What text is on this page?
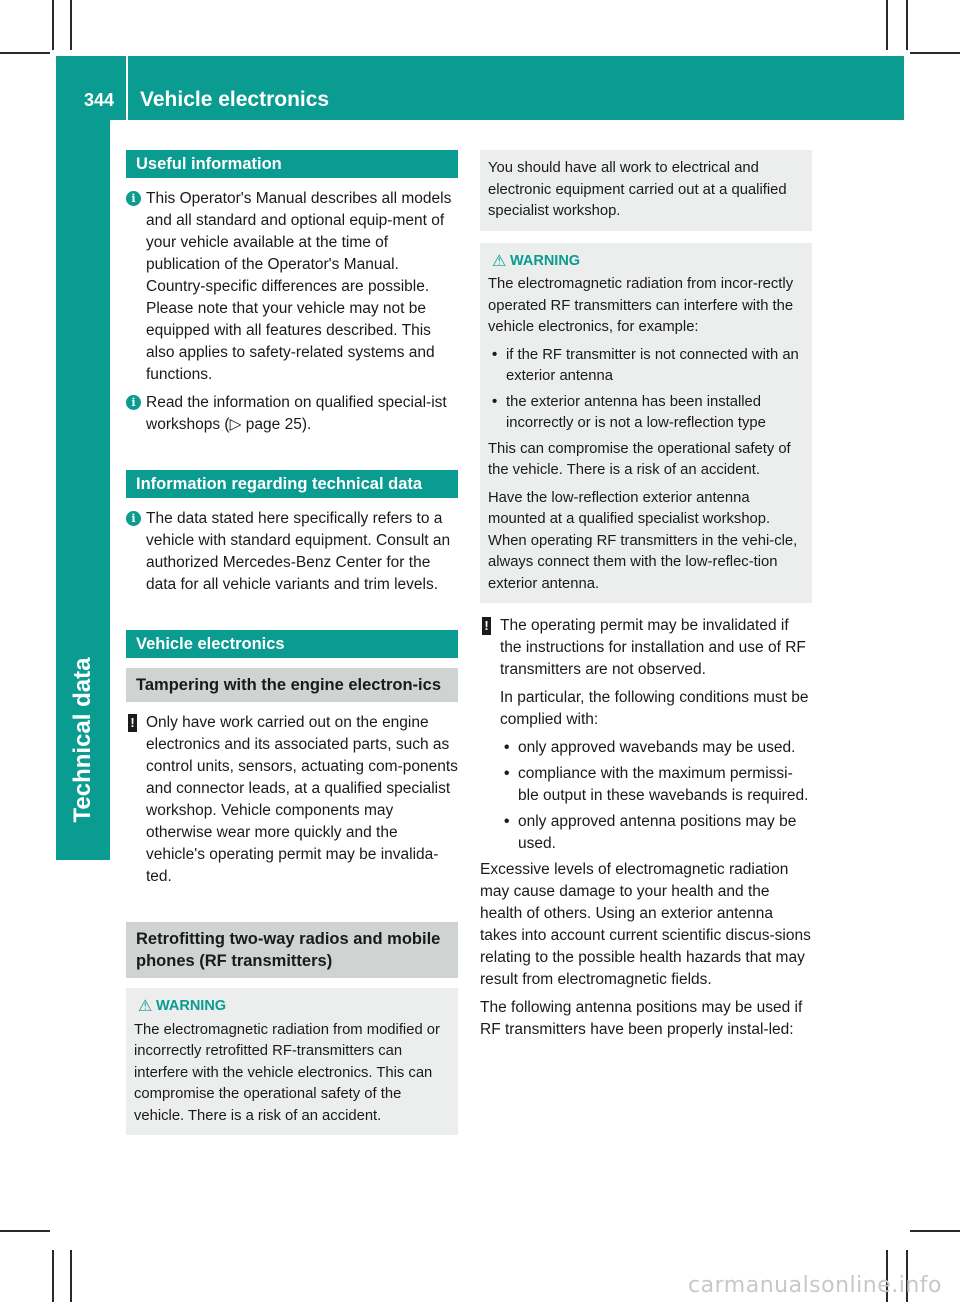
344 Vehicle electronics
Technical data
Useful information
i This Operator's Manual describes all models and all standard and optional equip-ment of your vehicle available at the time of publication of the Operator's Manual. Country-specific differences are possible. Please note that your vehicle may not be equipped with all features described. This also applies to safety-related systems and functions.
i Read the information on qualified special-ist workshops (▷ page 25).
Information regarding technical data
i The data stated here specifically refers to a vehicle with standard equipment. Consult an authorized Mercedes-Benz Center for the data for all vehicle variants and trim levels.
Vehicle electronics
Tampering with the engine electron-ics
! Only have work carried out on the engine electronics and its associated parts, such as control units, sensors, actuating com-ponents and connector leads, at a qualified specialist workshop. Vehicle components may otherwise wear more quickly and the vehicle's operating permit may be invalida-ted.
Retrofitting two-way radios and mobile phones (RF transmitters)
⚠ WARNING
The electromagnetic radiation from modified or incorrectly retrofitted RF-transmitters can interfere with the vehicle electronics. This can compromise the operational safety of the vehicle. There is a risk of an accident.
You should have all work to electrical and electronic equipment carried out at a qualified specialist workshop.
⚠ WARNING
The electromagnetic radiation from incor-rectly operated RF transmitters can interfere with the vehicle electronics, for example:
• if the RF transmitter is not connected with an exterior antenna
• the exterior antenna has been installed incorrectly or is not a low-reflection type
This can compromise the operational safety of the vehicle. There is a risk of an accident.
Have the low-reflection exterior antenna mounted at a qualified specialist workshop. When operating RF transmitters in the vehi-cle, always connect them with the low-reflec-tion exterior antenna.
! The operating permit may be invalidated if the instructions for installation and use of RF transmitters are not observed.
In particular, the following conditions must be complied with:
• only approved wavebands may be used.
• compliance with the maximum permissi-ble output in these wavebands is required.
• only approved antenna positions may be used.
Excessive levels of electromagnetic radiation may cause damage to your health and the health of others. Using an exterior antenna takes into account current scientific discus-sions relating to the possible health hazards that may result from electromagnetic fields.
The following antenna positions may be used if RF transmitters have been properly instal-led:
carmanualsonline.info
